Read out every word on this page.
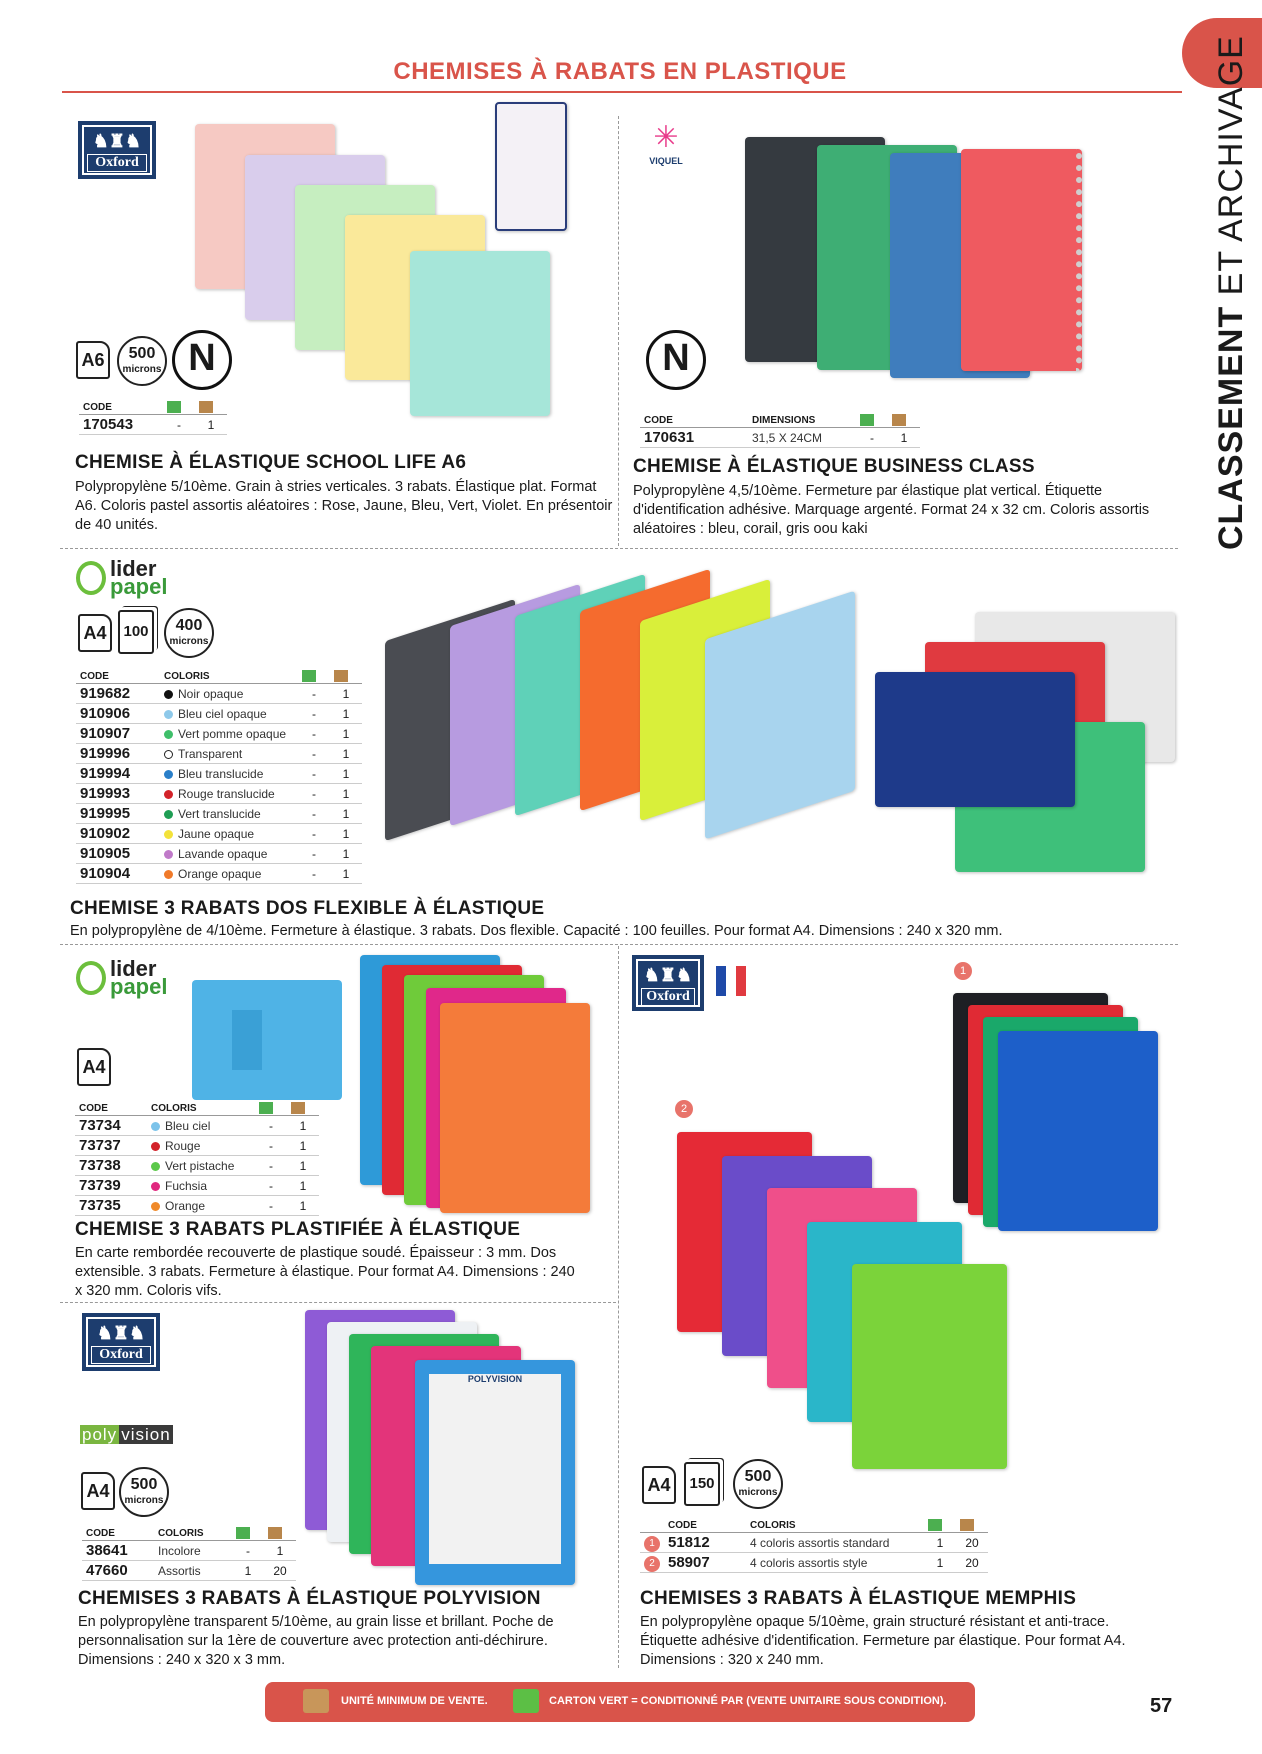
CHEMISES À RABATS EN PLASTIQUE
CLASSEMENT ET ARCHIVAGE
♞♜♞
Oxford
A6	500
microns N
CODE		
170543	-	1
CHEMISE À ÉLASTIQUE SCHOOL LIFE A6
Polypropylène 5/10ème. Grain à stries verticales. 3 rabats. Élastique plat. Format A6. Coloris pastel assortis aléatoires : Rose, Jaune, Bleu, Vert, Violet. En présentoir de 40 unités.
✳
VIQUEL
N
CODE	DIMENSIONS		
170631	31,5 X 24CM	-	1
CHEMISE À ÉLASTIQUE BUSINESS CLASS
Polypropylène 4,5/10ème. Fermeture par élastique plat vertical. Étiquette d'identification adhésive. Marquage argenté. Format 24 x 32 cm. Coloris assortis aléatoires : bleu, corail, gris oou kaki
lider
papel
A4	100	400
microns
CODE	COLORIS		
919682	Noir opaque	-	1
910906	Bleu ciel opaque	-	1
910907	Vert pomme opaque	-	1
919996	Transparent	-	1
919994	Bleu translucide	-	1
919993	Rouge translucide	-	1
919995	Vert translucide	-	1
910902	Jaune opaque	-	1
910905	Lavande opaque	-	1
910904	Orange opaque	-	1
CHEMISE 3 RABATS DOS FLEXIBLE À ÉLASTIQUE
En polypropylène de 4/10ème. Fermeture à élastique. 3 rabats. Dos flexible. Capacité : 100 feuilles. Pour format A4. Dimensions : 240 x 320 mm.
lider
papel
A4
CODE	COLORIS		
73734	Bleu ciel	-	1
73737	Rouge	-	1
73738	Vert pistache	-	1
73739	Fuchsia	-	1
73735	Orange	-	1
CHEMISE 3 RABATS PLASTIFIÉE À ÉLASTIQUE
En carte rembordée recouverte de plastique soudé. Épaisseur : 3 mm. Dos extensible. 3 rabats. Fermeture à élastique. Pour format A4. Dimensions : 240 x 320 mm. Coloris vifs.
♞♜♞
Oxford
poly vision
POLYVISION
A4	500
microns
CODE	COLORIS		
38641	Incolore	-	1
47660	Assortis	1	20
CHEMISES 3 RABATS À ÉLASTIQUE POLYVISION
En polypropylène transparent 5/10ème, au grain lisse et brillant. Poche de personnalisation sur la 1ère de couverture avec protection anti-déchirure. Dimensions : 240 x 320 x 3 mm.
♞♜♞
Oxford
1
2
A4	150	500
microns
	CODE	COLORIS		
1	51812	4 coloris assortis standard	1	20
2	58907	4 coloris assortis style	1	20
CHEMISES 3 RABATS À ÉLASTIQUE MEMPHIS
En polypropylène opaque 5/10ème, grain structuré résistant et anti-trace. Étiquette adhésive d'identification. Fermeture par élastique. Pour format A4. Dimensions : 320 x 240 mm.
UNITÉ MINIMUM DE VENTE.	CARTON VERT = CONDITIONNÉ PAR (VENTE UNITAIRE SOUS CONDITION).	57
